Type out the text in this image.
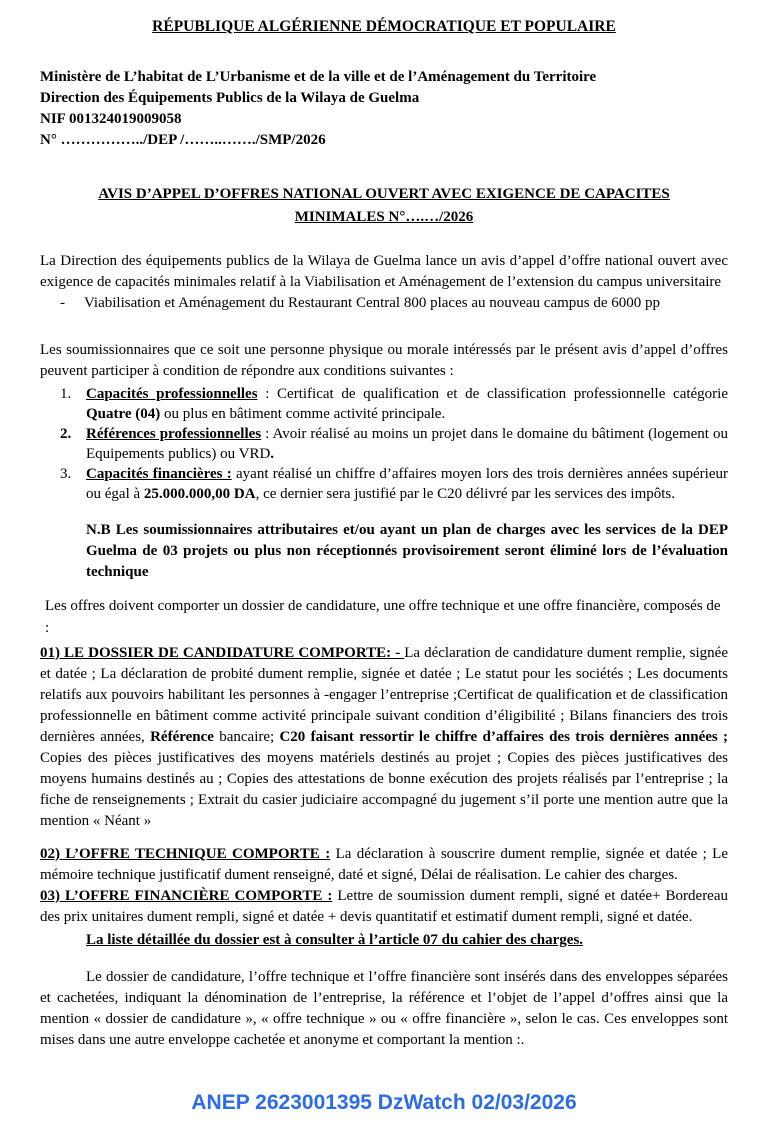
RÉPUBLIQUE ALGÉRIENNE DÉMOCRATIQUE ET POPULAIRE
Ministère de L’habitat de L’Urbanisme et de la ville et de l’Aménagement du Territoire
Direction des Équipements Publics de la Wilaya de Guelma
NIF 001324019009058
N° ……………../DEP /……..……./SMP/2026
AVIS D’APPEL D’OFFRES NATIONAL OUVERT AVEC EXIGENCE DE CAPACITES
MINIMALES N°….…/2026
La Direction des équipements publics de la Wilaya de Guelma lance un avis d’appel d’offre national ouvert avec exigence de capacités minimales relatif à la Viabilisation et Aménagement de l’extension du campus universitaire
-	Viabilisation et Aménagement du Restaurant Central 800 places au nouveau campus de 6000 pp
Les soumissionnaires que ce soit une personne physique ou morale intéressés par le présent avis d’appel d’offres peuvent participer à condition de répondre aux conditions suivantes :
1. Capacités professionnelles : Certificat de qualification et de classification professionnelle catégorie Quatre (04) ou plus en bâtiment comme activité principale.
2. Références professionnelles : Avoir réalisé au moins un projet dans le domaine du bâtiment (logement ou Equipements publics) ou VRD.
3. Capacités financières : ayant réalisé un chiffre d’affaires moyen lors des trois dernières années supérieur ou égal à 25.000.000,00 DA, ce dernier sera justifié par le C20 délivré par les services des impôts.
N.B Les soumissionnaires attributaires et/ou ayant un plan de charges avec les services de la DEP Guelma de 03 projets ou plus non réceptionnés provisoirement seront éliminé lors de l’évaluation technique
Les offres doivent comporter un dossier de candidature, une offre technique et une offre financière, composés de :
01) LE DOSSIER DE CANDIDATURE COMPORTE: - La déclaration de candidature dument remplie, signée et datée ; La déclaration de probité dument remplie, signée et datée ; Le statut pour les sociétés ; Les documents relatifs aux pouvoirs habilitant les personnes à -engager l’entreprise ;Certificat de qualification et de classification professionnelle en bâtiment comme activité principale suivant condition d’éligibilité ; Bilans financiers des trois dernières années, Référence bancaire; C20 faisant ressortir le chiffre d’affaires des trois dernières années ; Copies des pièces justificatives des moyens matériels destinés au projet ; Copies des pièces justificatives des moyens humains destinés au ; Copies des attestations de bonne exécution des projets réalisés par l’entreprise ; la fiche de renseignements ; Extrait du casier judiciaire accompagné du jugement s’il porte une mention autre que la mention « Néant »
02) L’OFFRE TECHNIQUE COMPORTE : La déclaration à souscrire dument remplie, signée et datée ; Le mémoire technique justificatif dument renseigné, daté et signé, Délai de réalisation. Le cahier des charges.
03) L’OFFRE FINANCIÈRE COMPORTE : Lettre de soumission dument rempli, signé et datée+ Bordereau des prix unitaires dument rempli, signé et datée + devis quantitatif et estimatif dument rempli, signé et datée.
La liste détaillée du dossier est à consulter à l’article 07 du cahier des charges.
Le dossier de candidature, l’offre technique et l’offre financière sont insérés dans des enveloppes séparées et cachetées, indiquant la dénomination de l’entreprise, la référence et l’objet de l’appel d’offres ainsi que la mention « dossier de candidature », « offre technique » ou « offre financière », selon le cas. Ces enveloppes sont mises dans une autre enveloppe cachetée et anonyme et comportant la mention :.
ANEP 2623001395 DzWatch 02/03/2026
